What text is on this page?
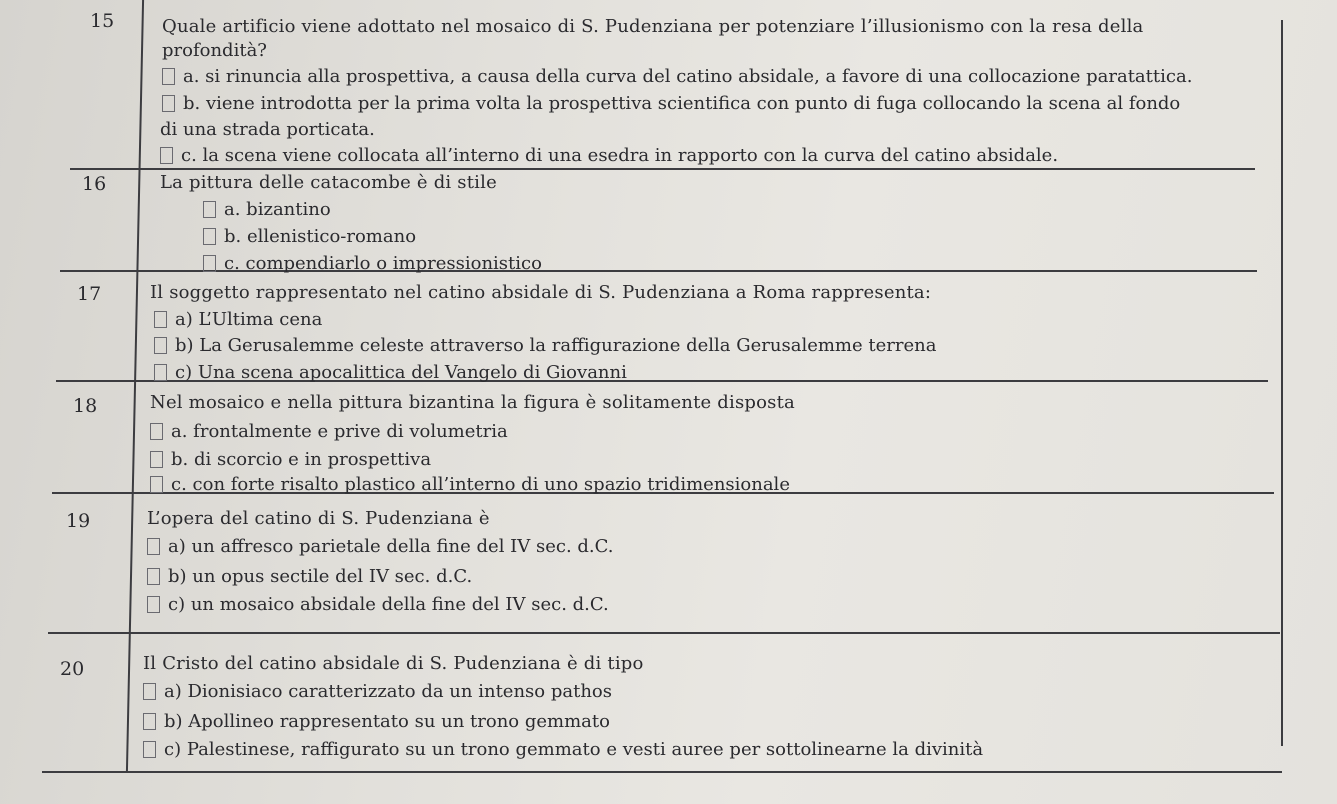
15	Quale artificio viene adottato nel mosaico di S. Pudenziana per potenziare l’illusionismo con la resa della
profondità?
a. si rinuncia alla prospettiva, a causa della curva del catino absidale, a favore di una collocazione paratattica.
b. viene introdotta per la prima volta la prospettiva scientifica con punto di fuga collocando la scena al fondo
di una strada porticata.
c. la scena viene collocata all’interno di una esedra in rapporto con la curva del catino absidale.
16	La pittura delle catacombe è di stile
a. bizantino
b. ellenistico-romano
c. compendiarlo o impressionistico
17	Il soggetto rappresentato nel catino absidale di S. Pudenziana a Roma rappresenta:
a) L’Ultima cena
b) La Gerusalemme celeste attraverso la raffigurazione della Gerusalemme terrena
c) Una scena apocalittica del Vangelo di Giovanni
18	Nel mosaico e nella pittura bizantina la figura è solitamente disposta
a. frontalmente e prive di volumetria
b. di scorcio e in prospettiva
c. con forte risalto plastico all’interno di uno spazio tridimensionale
19	L’opera del catino di S. Pudenziana è
a) un affresco parietale della fine del IV sec. d.C.
b) un opus sectile del IV sec. d.C.
c) un mosaico absidale della fine del IV sec. d.C.
20	Il Cristo del catino absidale di S. Pudenziana è di tipo
a) Dionisiaco caratterizzato da un intenso pathos
b) Apollineo rappresentato su un trono gemmato
c) Palestinese, raffigurato su un trono gemmato e vesti auree per sottolinearne la divinità
